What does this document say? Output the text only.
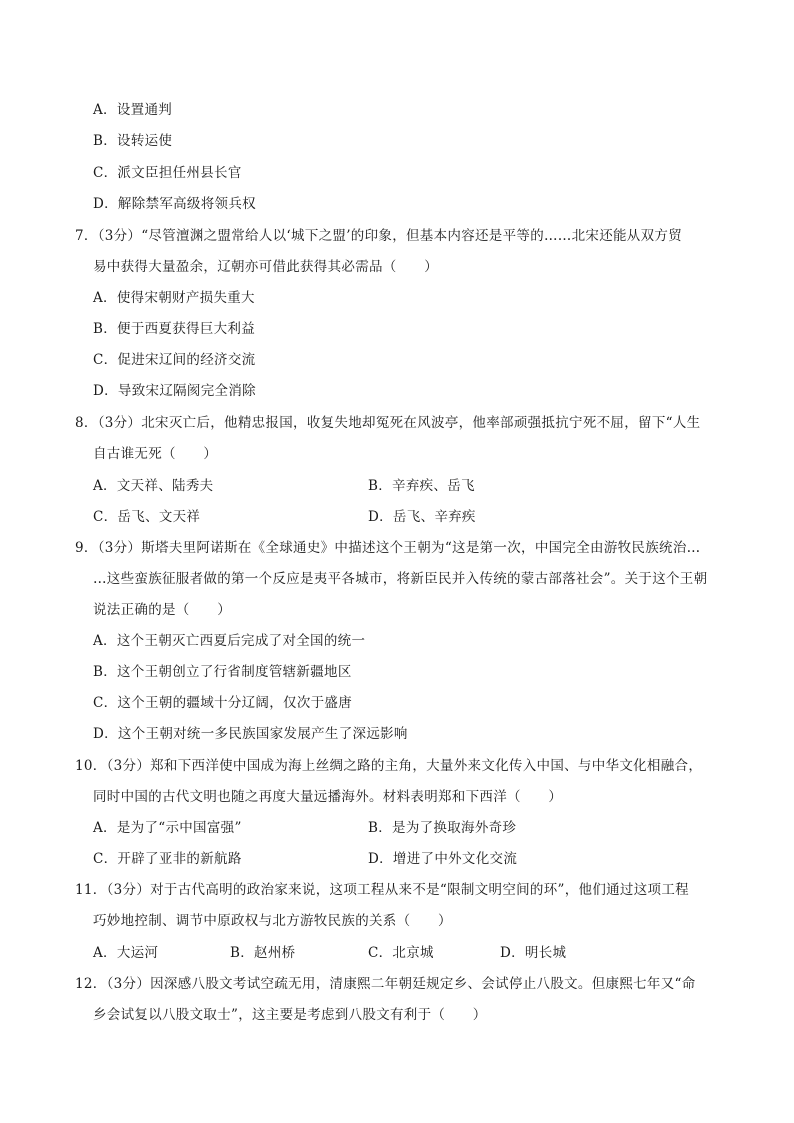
A．设置通判
B．设转运使
C．派文臣担任州县长官
D．解除禁军高级将领兵权
7．（3分）“尽管澶渊之盟常给人以‘城下之盟’的印象，但基本内容还是平等的……北宋还能从双方贸
易中获得大量盈余，辽朝亦可借此获得其必需品（　　）
A．使得宋朝财产损失重大
B．便于西夏获得巨大利益
C．促进宋辽间的经济交流
D．导致宋辽隔阂完全消除
8．（3分）北宋灭亡后，他精忠报国，收复失地却冤死在风波亭，他率部顽强抵抗宁死不屈，留下“人生
自古谁无死（　　）
A．文天祥、陆秀夫	B．辛弃疾、岳飞
C．岳飞、文天祥	D．岳飞、辛弃疾
9．（3分）斯塔夫里阿诺斯在《全球通史》中描述这个王朝为“这是第一次，中国完全由游牧民族统治…
…这些蛮族征服者做的第一个反应是夷平各城市，将新臣民并入传统的蒙古部落社会”。关于这个王朝
说法正确的是（　　）
A．这个王朝灭亡西夏后完成了对全国的统一
B．这个王朝创立了行省制度管辖新疆地区
C．这个王朝的疆域十分辽阔，仅次于盛唐
D．这个王朝对统一多民族国家发展产生了深远影响
10．（3分）郑和下西洋使中国成为海上丝绸之路的主角，大量外来文化传入中国、与中华文化相融合，
同时中国的古代文明也随之再度大量远播海外。材料表明郑和下西洋（　　）
A．是为了“示中国富强”	B．是为了换取海外奇珍
C．开辟了亚非的新航路	D．增进了中外文化交流
11．（3分）对于古代高明的政治家来说，这项工程从来不是“限制文明空间的环”，他们通过这项工程
巧妙地控制、调节中原政权与北方游牧民族的关系（　　）
A．大运河	B．赵州桥	C．北京城	D．明长城
12．（3分）因深感八股文考试空疏无用，清康熙二年朝廷规定乡、会试停止八股文。但康熙七年又“命
乡会试复以八股文取士”，这主要是考虑到八股文有利于（　　）
